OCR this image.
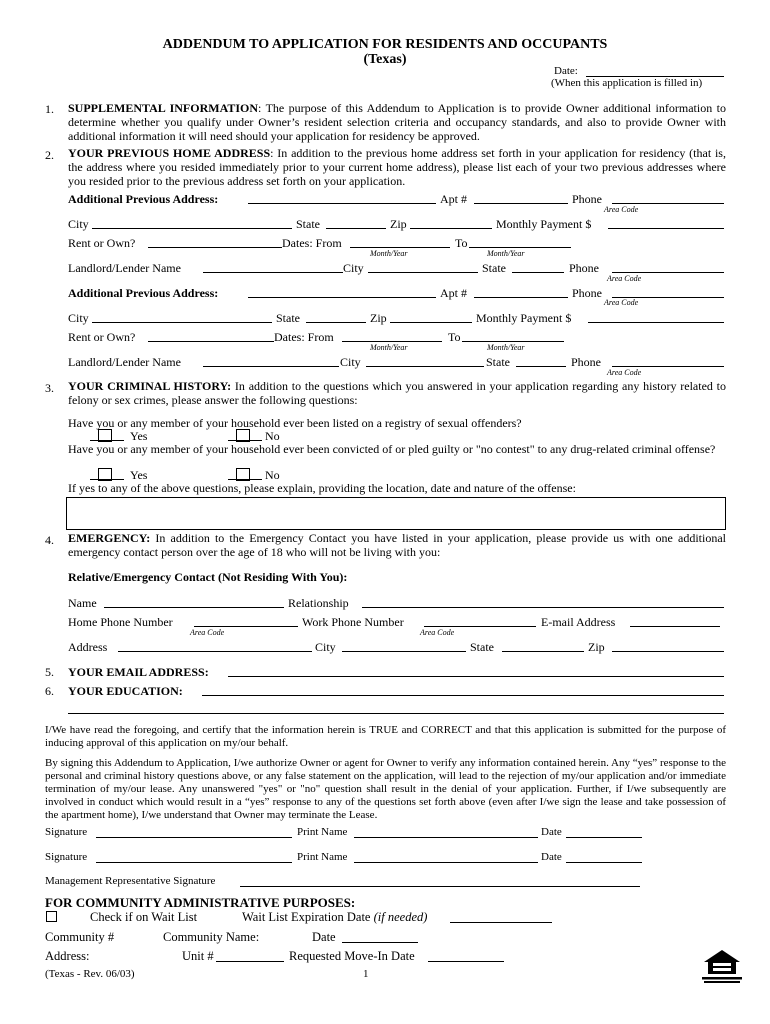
ADDENDUM TO APPLICATION FOR RESIDENTS AND OCCUPANTS
(Texas)
Date:
(When this application is filled in)
1. SUPPLEMENTAL INFORMATION: The purpose of this Addendum to Application is to provide Owner additional information to determine whether you qualify under Owner’s resident selection criteria and occupancy standards, and also to provide Owner with additional information it will need should your application for residency be approved.
2. YOUR PREVIOUS HOME ADDRESS: In addition to the previous home address set forth in your application for residency (that is, the address where you resided immediately prior to your current home address), please list each of your two previous addresses where you resided prior to the previous address set forth on your application.
Additional Previous Address:	Apt #	Phone
Area Code
City	State	Zip	Monthly Payment $
Rent or Own?	Dates: From	To
Month/Year	Month/Year
Landlord/Lender Name	City	State	Phone
Area Code
Additional Previous Address:	Apt #	Phone
Area Code
City	State	Zip	Monthly Payment $
Rent or Own?	Dates: From	To
Month/Year	Month/Year
Landlord/Lender Name	City	State	Phone
Area Code
3. YOUR CRIMINAL HISTORY: In addition to the questions which you answered in your application regarding any history related to felony or sex crimes, please answer the following questions:
Have you or any member of your household ever been listed on a registry of sexual offenders?
Yes	No
Have you or any member of your household ever been convicted of or pled guilty or "no contest" to any drug-related criminal offense?
Yes	No
If yes to any of the above questions, please explain, providing the location, date and nature of the offense:
4. EMERGENCY: In addition to the Emergency Contact you have listed in your application, please provide us with one additional emergency contact person over the age of 18 who will not be living with you:
Relative/Emergency Contact (Not Residing With You):
Name	Relationship
Home Phone Number	Work Phone Number	E-mail Address
Area Code	Area Code
Address	City	State	Zip
5. YOUR EMAIL ADDRESS:
6. YOUR EDUCATION:
I/We have read the foregoing, and certify that the information herein is TRUE and CORRECT and that this application is submitted for the purpose of inducing approval of this application on my/our behalf.
By signing this Addendum to Application, I/we authorize Owner or agent for Owner to verify any information contained herein. Any “yes” response to the personal and criminal history questions above, or any false statement on the application, will lead to the rejection of my/our application and/or immediate termination of my/our lease. Any unanswered "yes" or "no" question shall result in the denial of your application. Further, if I/we subsequently are involved in conduct which would result in a “yes” response to any of the questions set forth above (even after I/we sign the lease and take possession of the apartment home), I/we understand that Owner may terminate the Lease.
Signature	Print Name	Date
Signature	Print Name	Date
Management Representative Signature
FOR COMMUNITY ADMINISTRATIVE PURPOSES:
Check if on Wait List	Wait List Expiration Date (if needed)
Community #	Community Name:	Date
Address:	Unit #	Requested Move-In Date
(Texas - Rev. 06/03)	1
